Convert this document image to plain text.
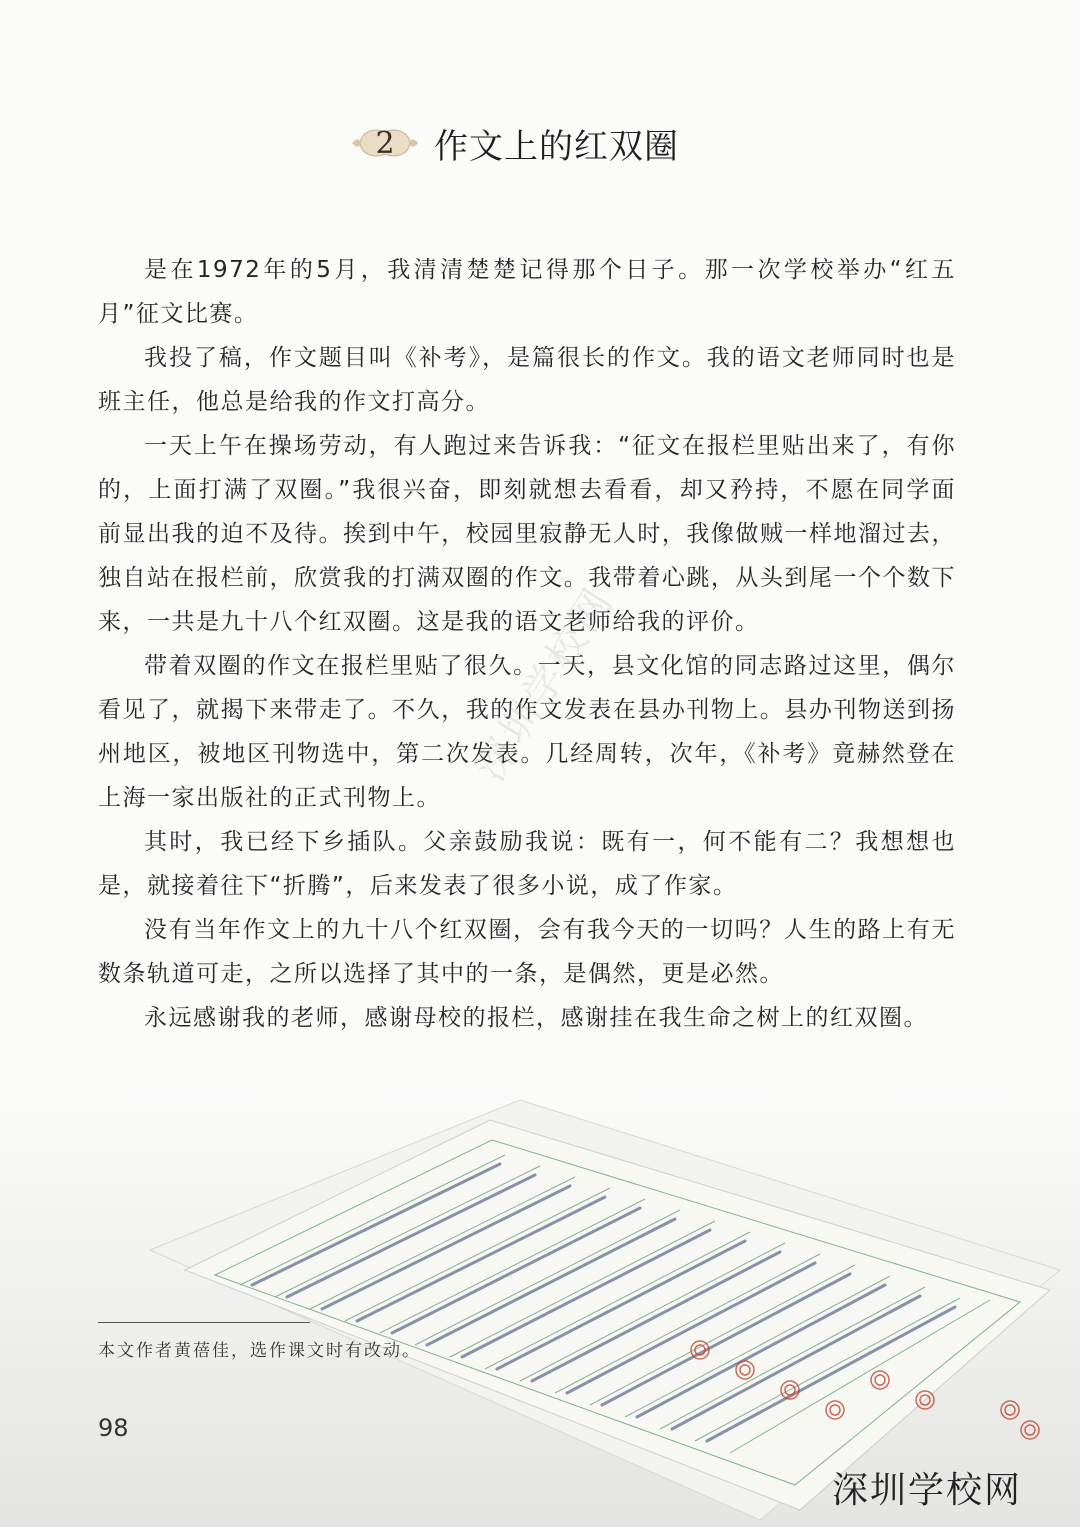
2 作文上的红双圈

是在1972年的5月，我清清楚楚记得那个日子。那一次学校举办“红五月”征文比赛。

我投了稿，作文题目叫《补考》，是篇很长的作文。我的语文老师同时也是班主任，他总是给我的作文打高分。

一天上午在操场劳动，有人跑过来告诉我：“征文在报栏里贴出来了，有你的，上面打满了双圈。”我很兴奋，即刻就想去看看，却又矜持，不愿在同学面前显出我的迫不及待。挨到中午，校园里寂静无人时，我像做贼一样地溜过去，独自站在报栏前，欣赏我的打满双圈的作文。我带着心跳，从头到尾一个个数下来，一共是九十八个红双圈。这是我的语文老师给我的评价。

带着双圈的作文在报栏里贴了很久。一天，县文化馆的同志路过这里，偶尔看见了，就揭下来带走了。不久，我的作文发表在县办刊物上。县办刊物送到扬州地区，被地区刊物选中，第二次发表。几经周转，次年，《补考》竟赫然登在上海一家出版社的正式刊物上。

其时，我已经下乡插队。父亲鼓励我说：既有一，何不能有二？我想想也是，就接着往下“折腾”，后来发表了很多小说，成了作家。

没有当年作文上的九十八个红双圈，会有我今天的一切吗？人生的路上有无数条轨道可走，之所以选择了其中的一条，是偶然，更是必然。

永远感谢我的老师，感谢母校的报栏，感谢挂在我生命之树上的红双圈。

深圳学校网
本文作者黄蓓佳，选作课文时有改动。
98
深圳学校网
